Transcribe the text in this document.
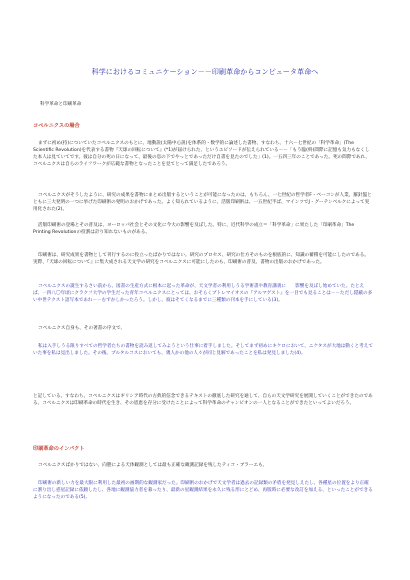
科学におけるコミュニケーション－－印刷革命からコンピュータ革命へ
科学革命と印刷革命
コペルニクスの場合
まずに初め(持)についていたコペルニクスのもとに、地動説(太陽中心説)を体系的・数学的に論述した書物、すなわち、十六－七世紀の「科学革命」(The Scientific Revolution)を代表する書物『天球の回転について』(*1)が届けられた、というエピソードが伝えられている－－「もう臨(終)間際に記憶も気力もなくした本人は見ていてです。彼は自分の死の日になって、最後の息の下でやっとであっただけ自書を見たのでした」(1)。一五四三年のことであった。死の間際であれ、コペルニクスは自らのライフワークが広範な書物となったことを見てとって満足したであろう。
コペルニクスがそうしたように、研究の成果を書物にまとめ出版するということが可能になったのは、もちろん、一七世紀の哲学者F・ベーコンが人業、羅針盤とともに三大発明の一つに挙げた印刷術の発明のおかげであった。よく知られているように、活版印刷術は、一五世紀半ば、マインツでJ・グーテンベルクによって実用化された(2)。
活版印刷術の登場とその普及は、ヨーロッパ社会とその文化に今大の影響を及ぼした。特に、近代科学の成立＝「科学革命」に果たした「印刷革命」The Printing Revolutionの役割は計り知れないものがある。
印刷術は、研究成果を書物として刊行するのに役立ったばかりではない。研究のプロセス、研究の仕方そのものを根底的に、知識の蓄積を可能にしたのである。実際、『天球の回転について』に集大成される天文学の研究をコペルニクスに可能にしたのも、印刷術の普及、書物の出版のおかげであった。
コペルニクスの誕生するさい前から、図書の生産方式に根本に起った革命が、天文学者の利用しうる学術書や教育講義に　　影響を及ぼし始めていた。たとえば、一四八〇年頃にクラクフ大学の学生だった青年コペルニクスにとっては、おそらくプトレマイオスの『アルマゲスト』を一目でも見ることは－－ただし隠蔽の多い中世テクスト語写本であれ－－むずかしかったろう。しかし、彼はそてくなるまでに三種類の刊本を手にしている(3)。
コペルニクス自身も、その著書の序文で、
私は入手しうる限りすべての哲学者たちの書物を読み返してみようという仕事に着手しました。そしてまず初めにキケロにおいて、ニケタスが大地は動くと考えていた事を私は見出しました。その後、プルタルコスにおいても、幾人かの他の人々が同じ見解であったことを私は発見しました(4)。
と記している。すなわち、コペルニクスはギリシア時代の古典的信念できるテキストの徹底した研究を通して、自らの天文学研究を展開していくことができたのである。コペルニクスは印刷革命の時代を生き、その恩恵を存分に受けたことによって科学革命のチャンピオンの一人となることができたといってよいだろう。
印刷革命のインパクト
コペルニクスばかりではない、向態による天体観測としては最も正確な観測記録を残したティコ・ブラーエも、
印刷術の新しい力を最大限に利用した最初の画期的な観測家だった。印刷術のおかげで天文学者は過去の記録類の矛盾を発見しえたし、各種星の位置をより正確に割り出し惑星記録に依頼したし、各地に観測協力者を募ったり、最新の星観測結果を永久に残る形にとどめ、再版時に必要な改訂を加える、といったことができるようになったのである(5)。
